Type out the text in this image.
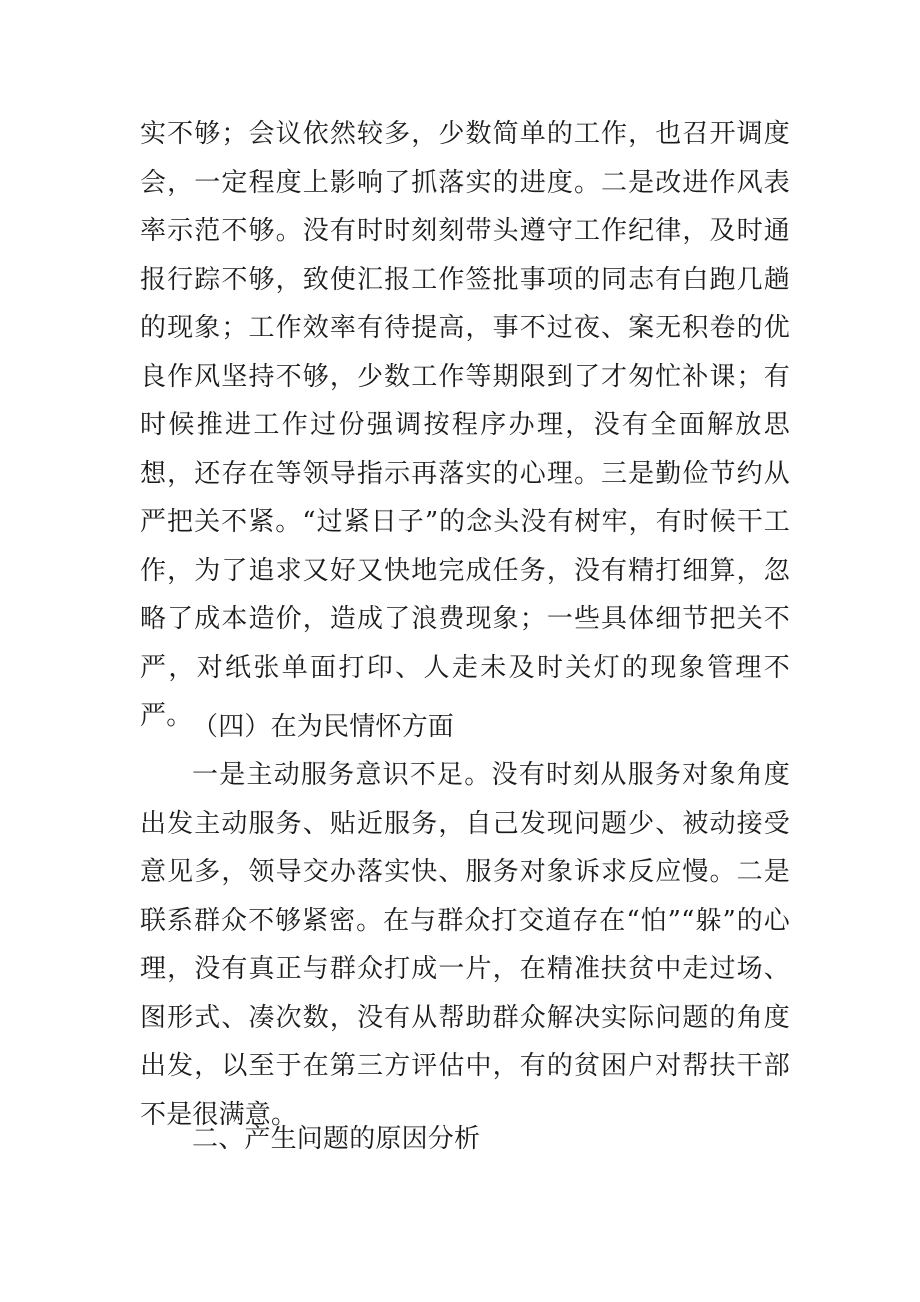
实不够；会议依然较多，少数简单的工作，也召开调度会，一定程度上影响了抓落实的进度。二是改进作风表率示范不够。没有时时刻刻带头遵守工作纪律，及时通报行踪不够，致使汇报工作签批事项的同志有白跑几趟的现象；工作效率有待提高，事不过夜、案无积卷的优良作风坚持不够，少数工作等期限到了才匆忙补课；有时候推进工作过份强调按程序办理，没有全面解放思想，还存在等领导指示再落实的心理。三是勤俭节约从严把关不紧。“过紧日子”的念头没有树牢，有时候干工作，为了追求又好又快地完成任务，没有精打细算，忽略了成本造价，造成了浪费现象；一些具体细节把关不严，对纸张单面打印、人走未及时关灯的现象管理不严。 （四）在为民情怀方面
一是主动服务意识不足。没有时刻从服务对象角度出发主动服务、贴近服务，自己发现问题少、被动接受意见多，领导交办落实快、服务对象诉求反应慢。二是联系群众不够紧密。在与群众打交道存在“怕”“躲”的心理，没有真正与群众打成一片，在精准扶贫中走过场、图形式、凑次数，没有从帮助群众解决实际问题的角度出发，以至于在第三方评估中，有的贫困户对帮扶干部不是很满意。
二、产生问题的原因分析
